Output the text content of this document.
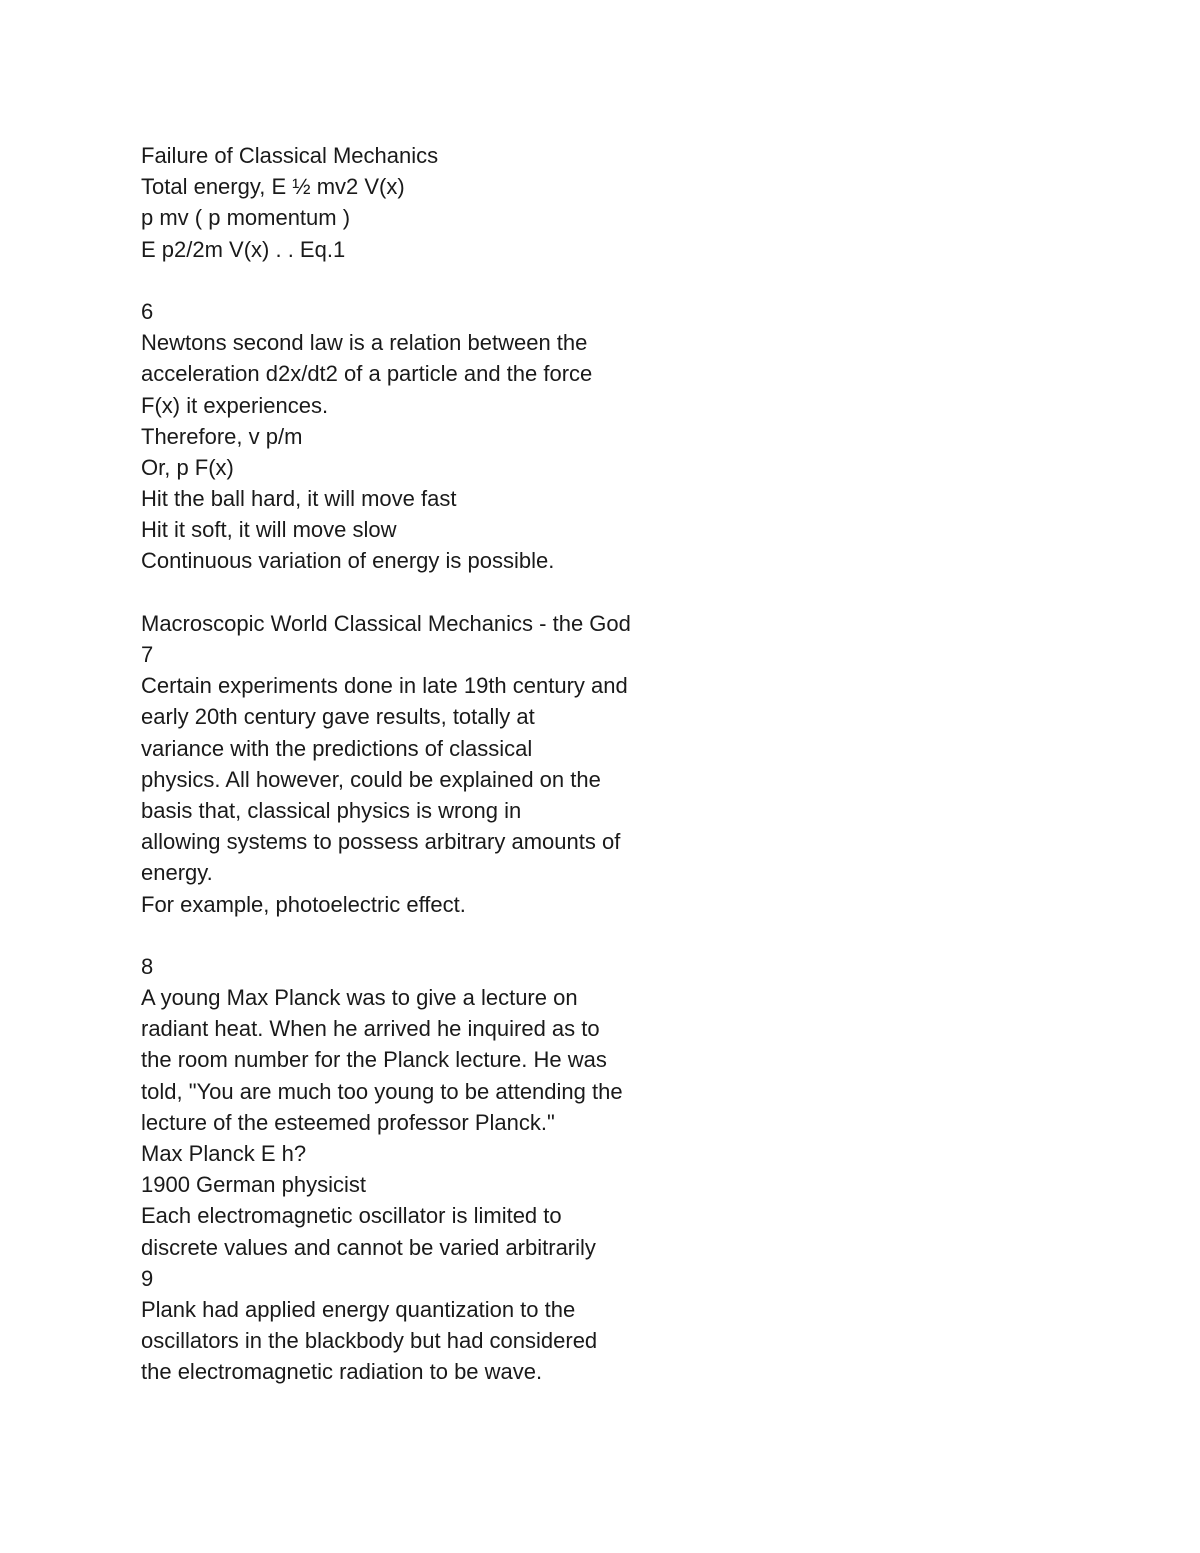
Failure of Classical Mechanics
Total energy, E ½ mv2 V(x)
p mv ( p momentum )
E p2/2m V(x) . . Eq.1
6
Newtons second law is a relation between the
acceleration d2x/dt2 of a particle and the force
F(x) it experiences.
Therefore, v p/m
Or, p F(x)
Hit the ball hard, it will move fast
Hit it soft, it will move slow
Continuous variation of energy is possible.
Macroscopic World Classical Mechanics - the God
7
Certain experiments done in late 19th century and
early 20th century gave results, totally at
variance with the predictions of classical
physics. All however, could be explained on the
basis that, classical physics is wrong in
allowing systems to possess arbitrary amounts of
energy.
For example, photoelectric effect.
8
A young Max Planck was to give a lecture on
radiant heat. When he arrived he inquired as to
the room number for the Planck lecture. He was
told, "You are much too young to be attending the
lecture of the esteemed professor Planck."
Max Planck E h?
1900 German physicist
Each electromagnetic oscillator is limited to
discrete values and cannot be varied arbitrarily
9
Plank had applied energy quantization to the
oscillators in the blackbody but had considered
the electromagnetic radiation to be wave.
